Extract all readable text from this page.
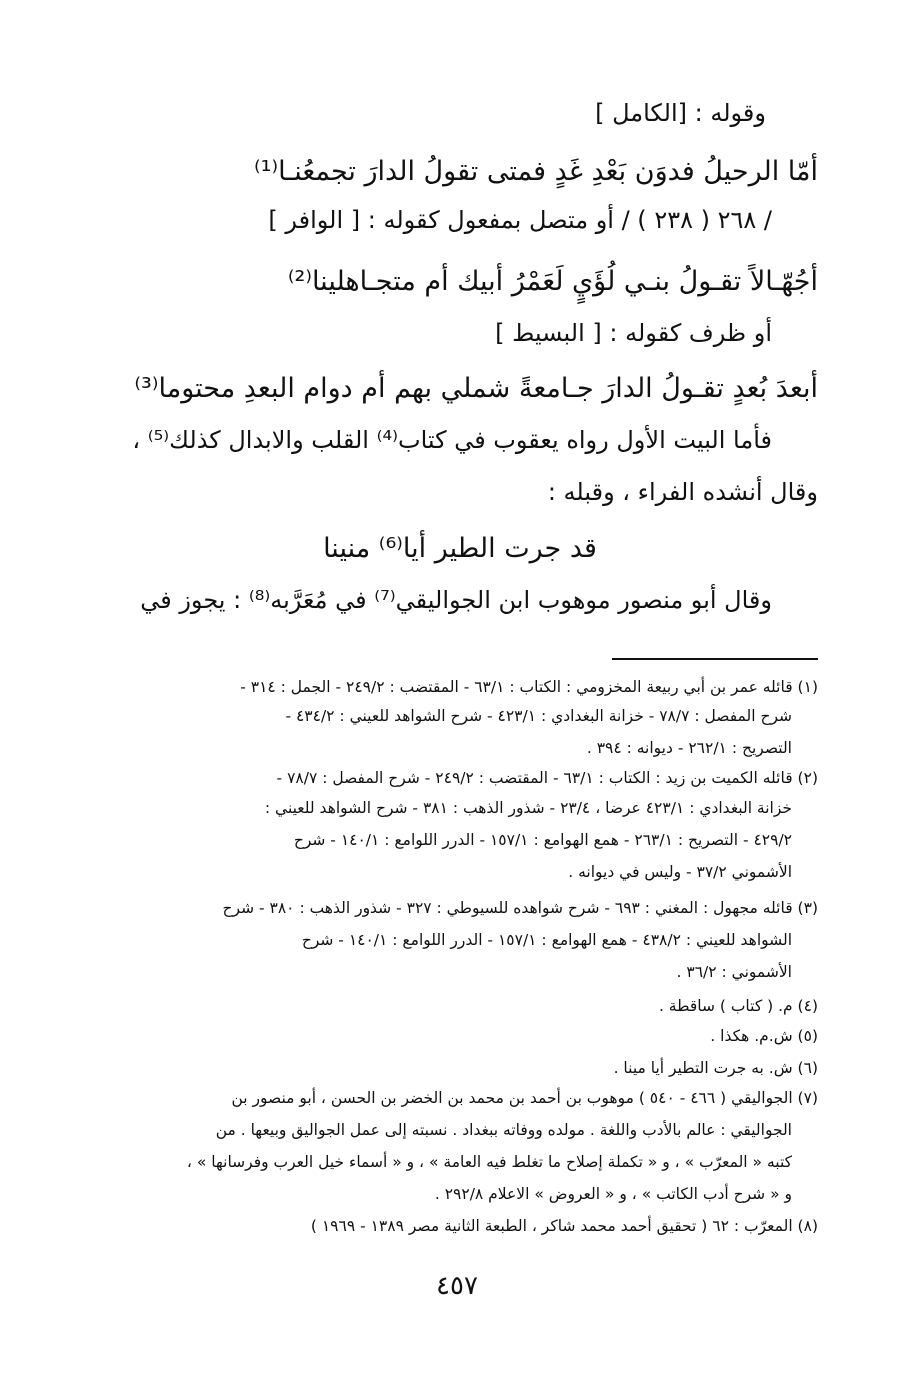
وقوله : [الكامل ]
أمّا الرحيلُ فدوَن بَعْدِ غَدٍ فمتى تقولُ الدارَ تجمعُنـا⁽¹⁾
/ ٢٦٨ ( ٢٣٨ ) / أو متصل بمفعول كقوله : [ الوافر ]
أجُهّـالاً تقـولُ بنـي لُؤَيٍ لَعَمْرُ أبيك أم متجـاهلينا⁽²⁾
أو ظرف كقوله : [ البسيط ]
أبعدَ بُعدٍ تقـولُ الدارَ جـامعةً شملي بهم أم دوام البعدِ محتوما⁽³⁾
فأما البيت الأول رواه يعقوب في كتاب⁽⁴⁾ القلب والابدال كذلك⁽⁵⁾ ،
وقال أنشده الفراء ، وقبله :
قد جرت الطير أيا⁽⁶⁾ منينا
وقال أبو منصور موهوب ابن الجواليقي⁽⁷⁾ في مُعَرَّبه⁽⁸⁾ : يجوز في
(١) قائله عمر بن أبي ربيعة المخزومي : الكتاب : ٦٣/١ - المقتضب : ٢٤٩/٢ - الجمل : ٣١٤ -
شرح المفصل : ٧٨/٧ - خزانة البغدادي : ٤٢٣/١ - شرح الشواهد للعيني : ٤٣٤/٢ -
التصريح : ٢٦٢/١ - ديوانه : ٣٩٤ .
(٢) قائله الكميت بن زيد : الكتاب : ٦٣/١ - المقتضب : ٢٤٩/٢ - شرح المفصل : ٧٨/٧ -
خزانة البغدادي : ٤٢٣/١ عرضا ، ٢٣/٤ - شذور الذهب : ٣٨١ - شرح الشواهد للعيني :
٤٢٩/٢ - التصريح : ٢٦٣/١ - همع الهوامع : ١٥٧/١ - الدرر اللوامع : ١٤٠/١ - شرح
الأشموني ٣٧/٢ - وليس في ديوانه .
(٣) قائله مجهول : المغني : ٦٩٣ - شرح شواهده للسيوطي : ٣٢٧ - شذور الذهب : ٣٨٠ - شرح
الشواهد للعيني : ٤٣٨/٢ - همع الهوامع : ١٥٧/١ - الدرر اللوامع : ١٤٠/١ - شرح
الأشموني : ٣٦/٢ .
(٤) م. ( كتاب ) ساقطة .
(٥) ش.م. هكذا .
(٦) ش. به جرت التطير أيا مينا .
(٧) الجواليقي ( ٤٦٦ - ٥٤٠ ) موهوب بن أحمد بن محمد بن الخضر بن الحسن ، أبو منصور بن
الجواليقي : عالم بالأدب واللغة . مولده ووفاته ببغداد . نسبته إلى عمل الجواليق وبيعها . من
كتبه « المعرّب » ، و « تكملة إصلاح ما تغلط فيه العامة » ، و « أسماء خيل العرب وفرسانها » ،
و « شرح أدب الكاتب » ، و « العروض » الاعلام ٢٩٢/٨ .
(٨) المعرّب : ٦٢ ( تحقيق أحمد محمد شاكر ، الطبعة الثانية مصر ١٣٨٩ - ١٩٦٩ )
٤٥٧
